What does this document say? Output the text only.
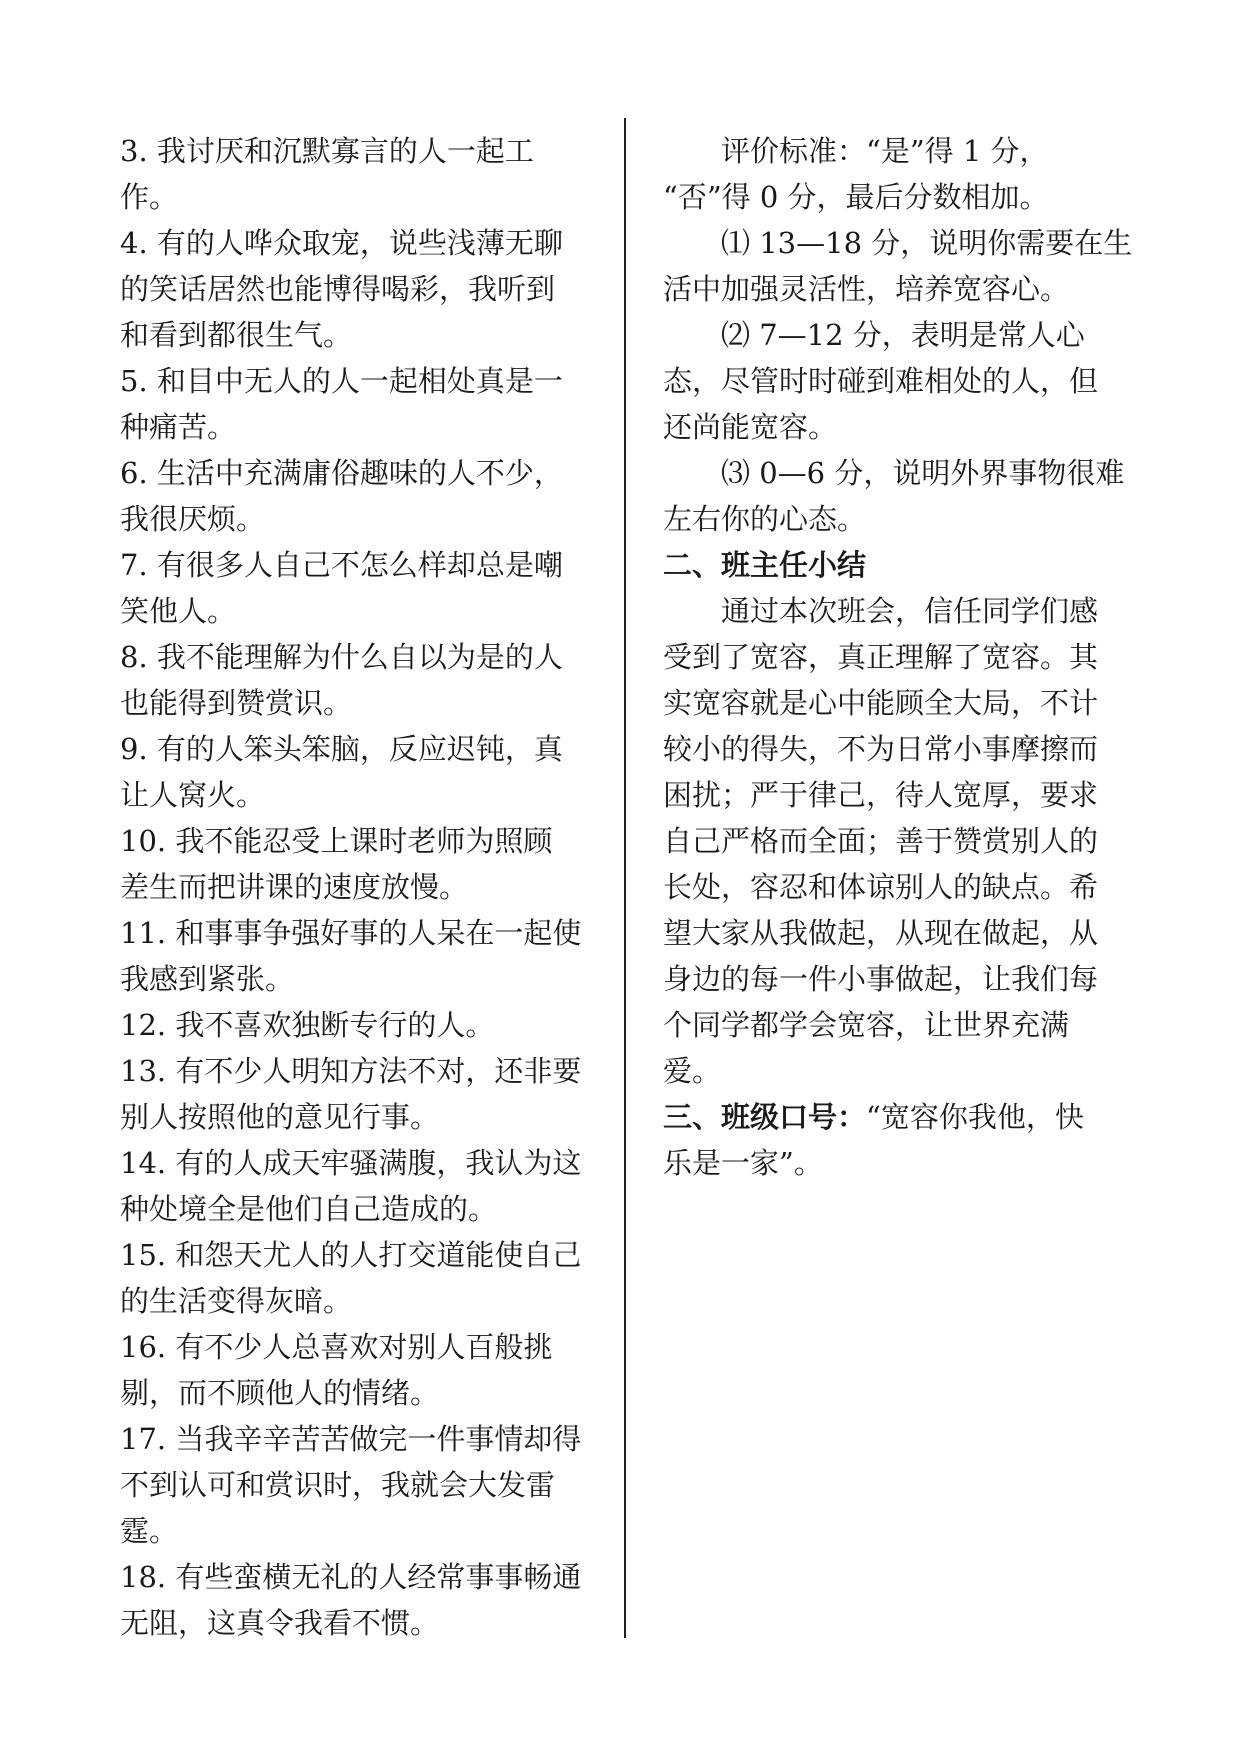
3. 我讨厌和沉默寡言的人一起工
作。
4. 有的人哗众取宠，说些浅薄无聊
的笑话居然也能博得喝彩，我听到
和看到都很生气。
5. 和目中无人的人一起相处真是一
种痛苦。
6. 生活中充满庸俗趣味的人不少，
我很厌烦。
7. 有很多人自己不怎么样却总是嘲
笑他人。
8. 我不能理解为什么自以为是的人
也能得到赞赏识。
9. 有的人笨头笨脑，反应迟钝，真
让人窝火。
10. 我不能忍受上课时老师为照顾
差生而把讲课的速度放慢。
11. 和事事争强好事的人呆在一起使
我感到紧张。
12. 我不喜欢独断专行的人。
13. 有不少人明知方法不对，还非要
别人按照他的意见行事。
14. 有的人成天牢骚满腹，我认为这
种处境全是他们自己造成的。
15. 和怨天尤人的人打交道能使自己
的生活变得灰暗。
16. 有不少人总喜欢对别人百般挑
剔，而不顾他人的情绪。
17. 当我辛辛苦苦做完一件事情却得
不到认可和赏识时，我就会大发雷
霆。
18. 有些蛮横无礼的人经常事事畅通
无阻，这真令我看不惯。
评价标准：“是”得 1 分，
“否”得 0 分，最后分数相加。
⑴ 13—18 分，说明你需要在生
活中加强灵活性，培养宽容心。
⑵ 7—12 分，表明是常人心
态，尽管时时碰到难相处的人，但
还尚能宽容。
⑶ 0—6 分，说明外界事物很难
左右你的心态。
二、班主任小结
通过本次班会，信任同学们感
受到了宽容，真正理解了宽容。其
实宽容就是心中能顾全大局，不计
较小的得失，不为日常小事摩擦而
困扰；严于律己，待人宽厚，要求
自己严格而全面；善于赞赏别人的
长处，容忍和体谅别人的缺点。希
望大家从我做起，从现在做起，从
身边的每一件小事做起，让我们每
个同学都学会宽容，让世界充满
爱。
三、班级口号：“宽容你我他，快
乐是一家”。
